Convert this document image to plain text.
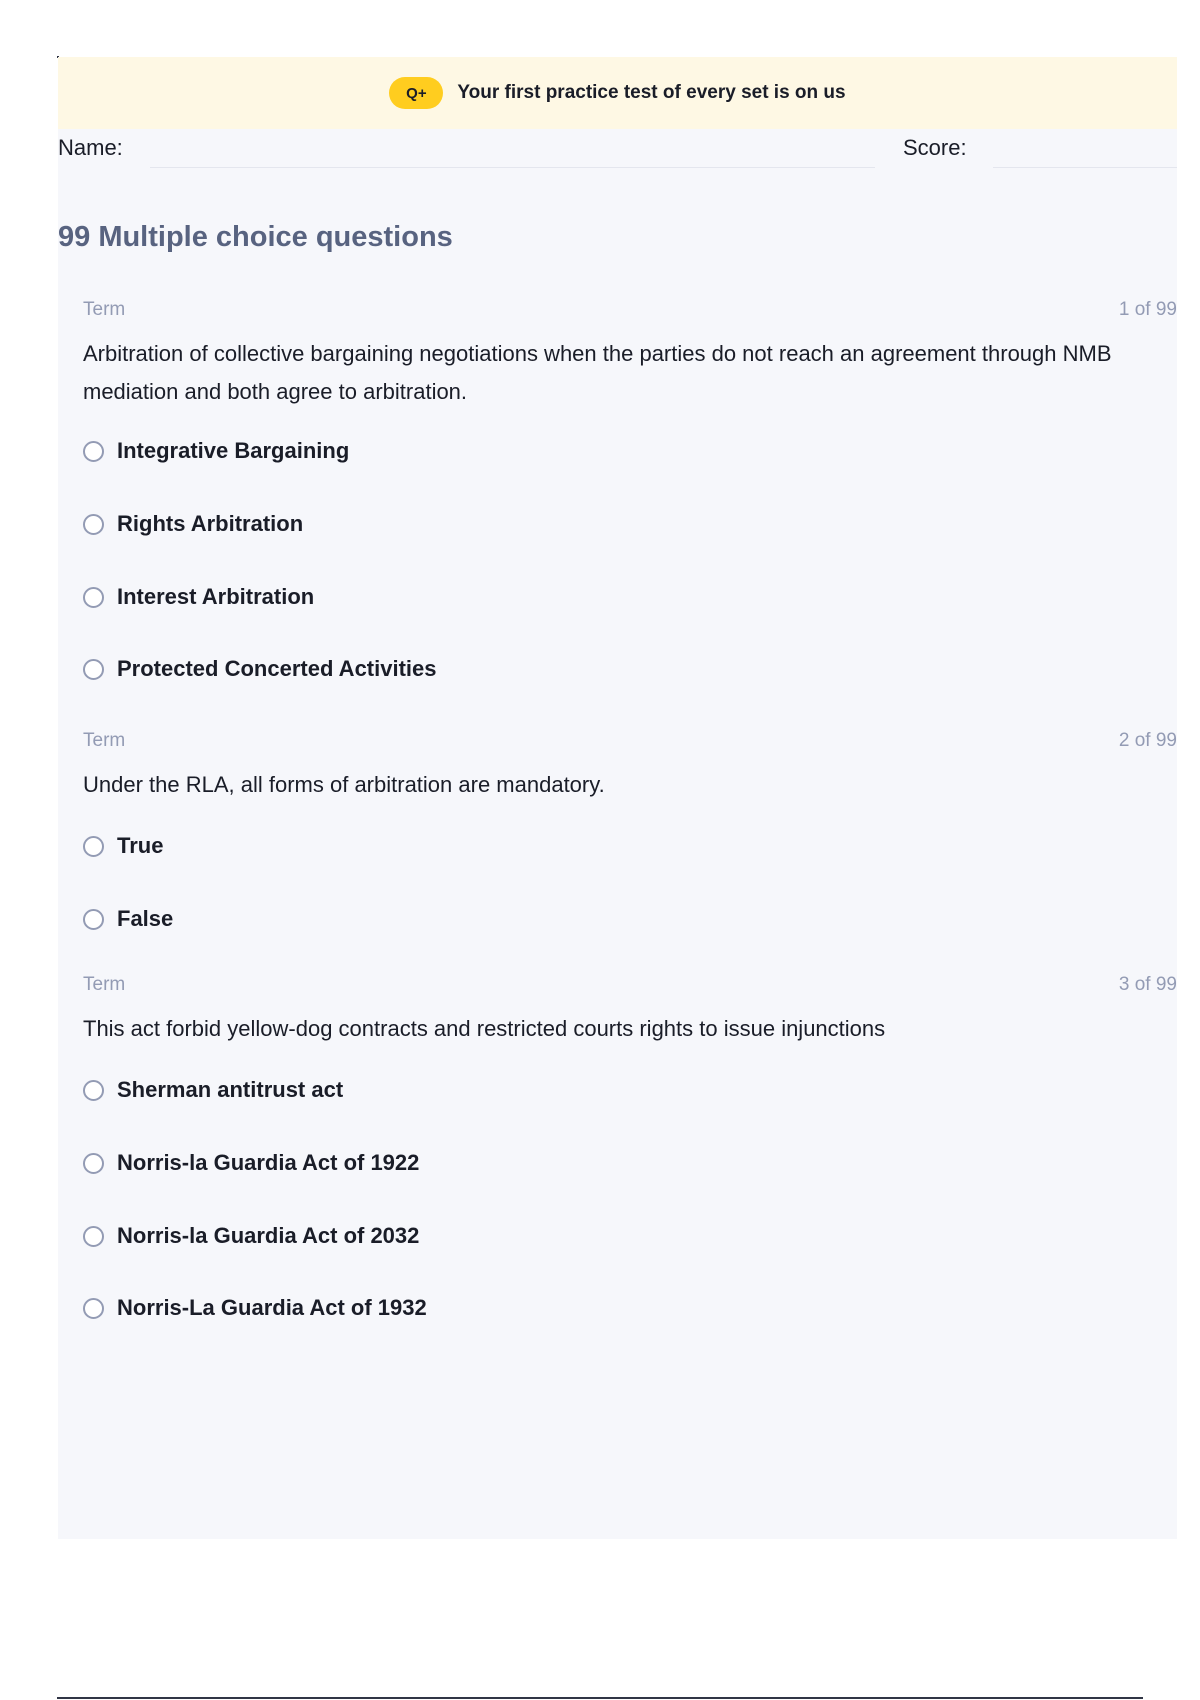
Q+	Your first practice test of every set is on us
Name:	Score:
99 Multiple choice questions
Term	1 of 99

Arbitration of collective bargaining negotiations when the parties do not reach an agreement through NMB mediation and both agree to arbitration.

Integrative Bargaining
Rights Arbitration
Interest Arbitration
Protected Concerted Activities
Term	2 of 99

Under the RLA, all forms of arbitration are mandatory.

True
False
Term	3 of 99

This act forbid yellow-dog contracts and restricted courts rights to issue injunctions

Sherman antitrust act
Norris-la Guardia Act of 1922
Norris-la Guardia Act of 2032
Norris-La Guardia Act of 1932
